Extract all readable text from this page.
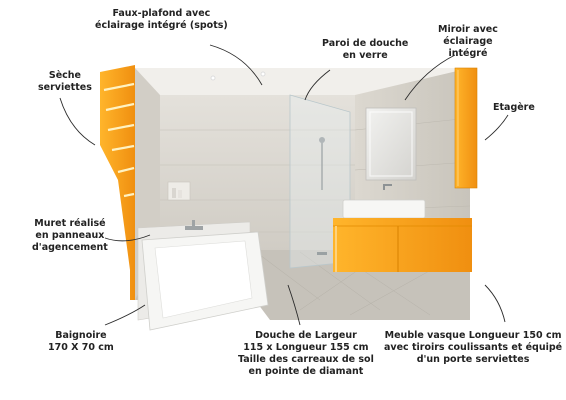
Faux-plafond avec
éclairage intégré (spots)
Paroi de douche
en verre
Miroir avec
éclairage
intégré
Sèche
serviettes
Etagère
Muret réalisé
en panneaux
d'agencement
Baignoire
170 X 70 cm
Douche de Largeur
115 x Longueur 155 cm
Taille des carreaux de sol
en pointe de diamant
Meuble vasque Longueur 150 cm
avec tiroirs coulissants et équipé
d'un porte serviettes
